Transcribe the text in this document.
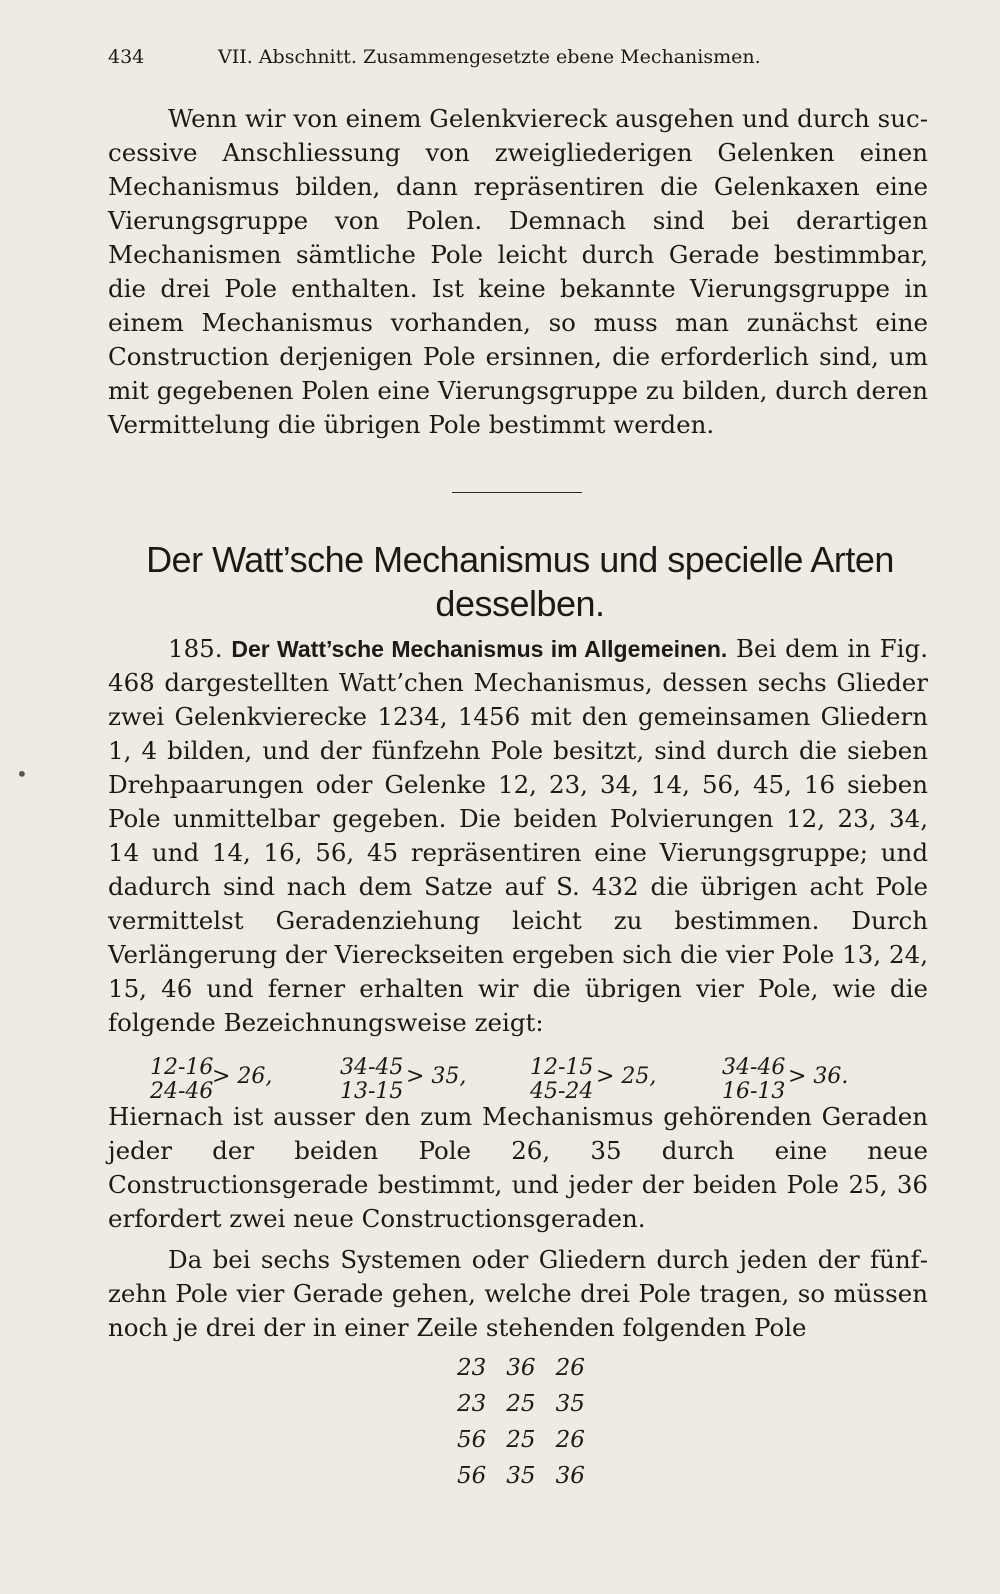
434	VII. Abschnitt. Zusammengesetzte ebene Mechanismen.
Wenn wir von einem Gelenkviereck ausgehen und durch successive Anschliessung von zweigliederigen Gelenken einen Mechanismus bilden, dann repräsentiren die Gelenkaxen eine Vierungsgruppe von Polen. Demnach sind bei derartigen Mechanismen sämtliche Pole leicht durch Gerade bestimmbar, die drei Pole enthalten. Ist keine bekannte Vierungsgruppe in einem Mechanismus vorhanden, so muss man zunächst eine Construction derjenigen Pole ersinnen, die erforderlich sind, um mit gegebenen Polen eine Vierungsgruppe zu bilden, durch deren Vermittelung die übrigen Pole bestimmt werden.
Der Watt’sche Mechanismus und specielle Arten
desselben.
185. Der Watt’sche Mechanismus im Allgemeinen. Bei dem in Fig. 468 dargestellten Watt’chen Mechanismus, dessen sechs Glieder zwei Gelenkvierecke 1234, 1456 mit den gemeinsamen Gliedern 1, 4 bilden, und der fünfzehn Pole besitzt, sind durch die sieben Drehpaarungen oder Gelenke 12, 23, 34, 14, 56, 45, 16 sieben Pole unmittelbar gegeben. Die beiden Polvierungen 12, 23, 34, 14 und 14, 16, 56, 45 repräsentiren eine Vierungsgruppe; und dadurch sind nach dem Satze auf S. 432 die übrigen acht Pole vermittelst Geradenziehung leicht zu bestimmen. Durch Verlängerung der Viereckseiten ergeben sich die vier Pole 13, 24, 15, 46 und ferner erhalten wir die übrigen vier Pole, wie die folgende Bezeichnungsweise zeigt:
12-16
24-46
> 26,	34-45
13-15
> 35,	12-15
45-24
> 25,	34-46
16-13
> 36.
Hiernach ist ausser den zum Mechanismus gehörenden Geraden jeder der beiden Pole 26, 35 durch eine neue Constructionsgerade bestimmt, und jeder der beiden Pole 25, 36 erfordert zwei neue Constructionsgeraden.
Da bei sechs Systemen oder Gliedern durch jeden der fünfzehn Pole vier Gerade gehen, welche drei Pole tragen, so müssen noch je drei der in einer Zeile stehenden folgenden Pole
23	36	26
23	25	35
56	25	26
56	35	36
•
